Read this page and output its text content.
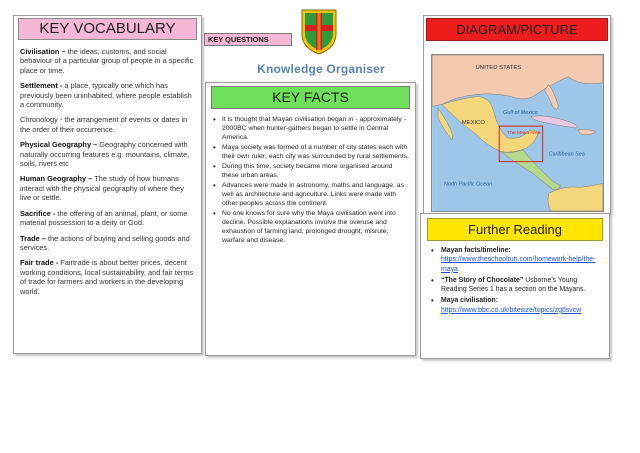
KEY VOCABULARY
Civilisation – the ideas, customs, and social behaviour of a particular group of people in a specific place or time.
Settlement - a place, typically one which has previously been uninhabited, where people establish a community.
Chronology - the arrangement of events or dates in the order of their occurrence.
Physical Geography – Geography concerned with naturally occurring features e.g. mountains, climate, soils, rivers etc
Human Geography – The study of how humans interact with the physical geography of where they live or settle.
Sacrifice - the offering of an animal, plant, or some material possession to a deity or God.
Trade – the actions of buying and selling goods and services.
Fair trade - Fairtrade is about better prices, decent working conditions, local sustainability, and fair terms of trade for farmers and workers in the developing world.
KEY QUESTIONS
Knowledge Organiser
KEY FACTS
• It is thought that Mayan civilisation began in - approximately - 2000BC when hunter-gathers began to settle in Central America.
• Maya society was formed of a number of city states each with their own ruler; each city was surrounded by rural settlements.
• During this time, society became more organised around these urban areas.
• Advances were made in astronomy, maths and language, as well as architecture and agriculture. Links were made with other peoples across the continent.
• No one knows for sure why the Maya civilisation went into decline. Possible explanations involve the overuse and exhaustion of farming land, prolonged drought, misrule, warfare and disease.
DIAGRAM/PICTURE
UNITED STATES
Gulf of Mexico
MEXICO
The Maya Area
Caribbean Sea
North Pacific Ocean
Further Reading
• Mayan facts/timeline:
https://www.theschoolrun.com/homework-help/the-maya
• “The Story of Chocolate” Usborne’s Young Reading Series 1 has a section on the Mayans.
• Maya civilisation:
https://www.bbc.co.uk/bitesize/topics/zg6svcw
